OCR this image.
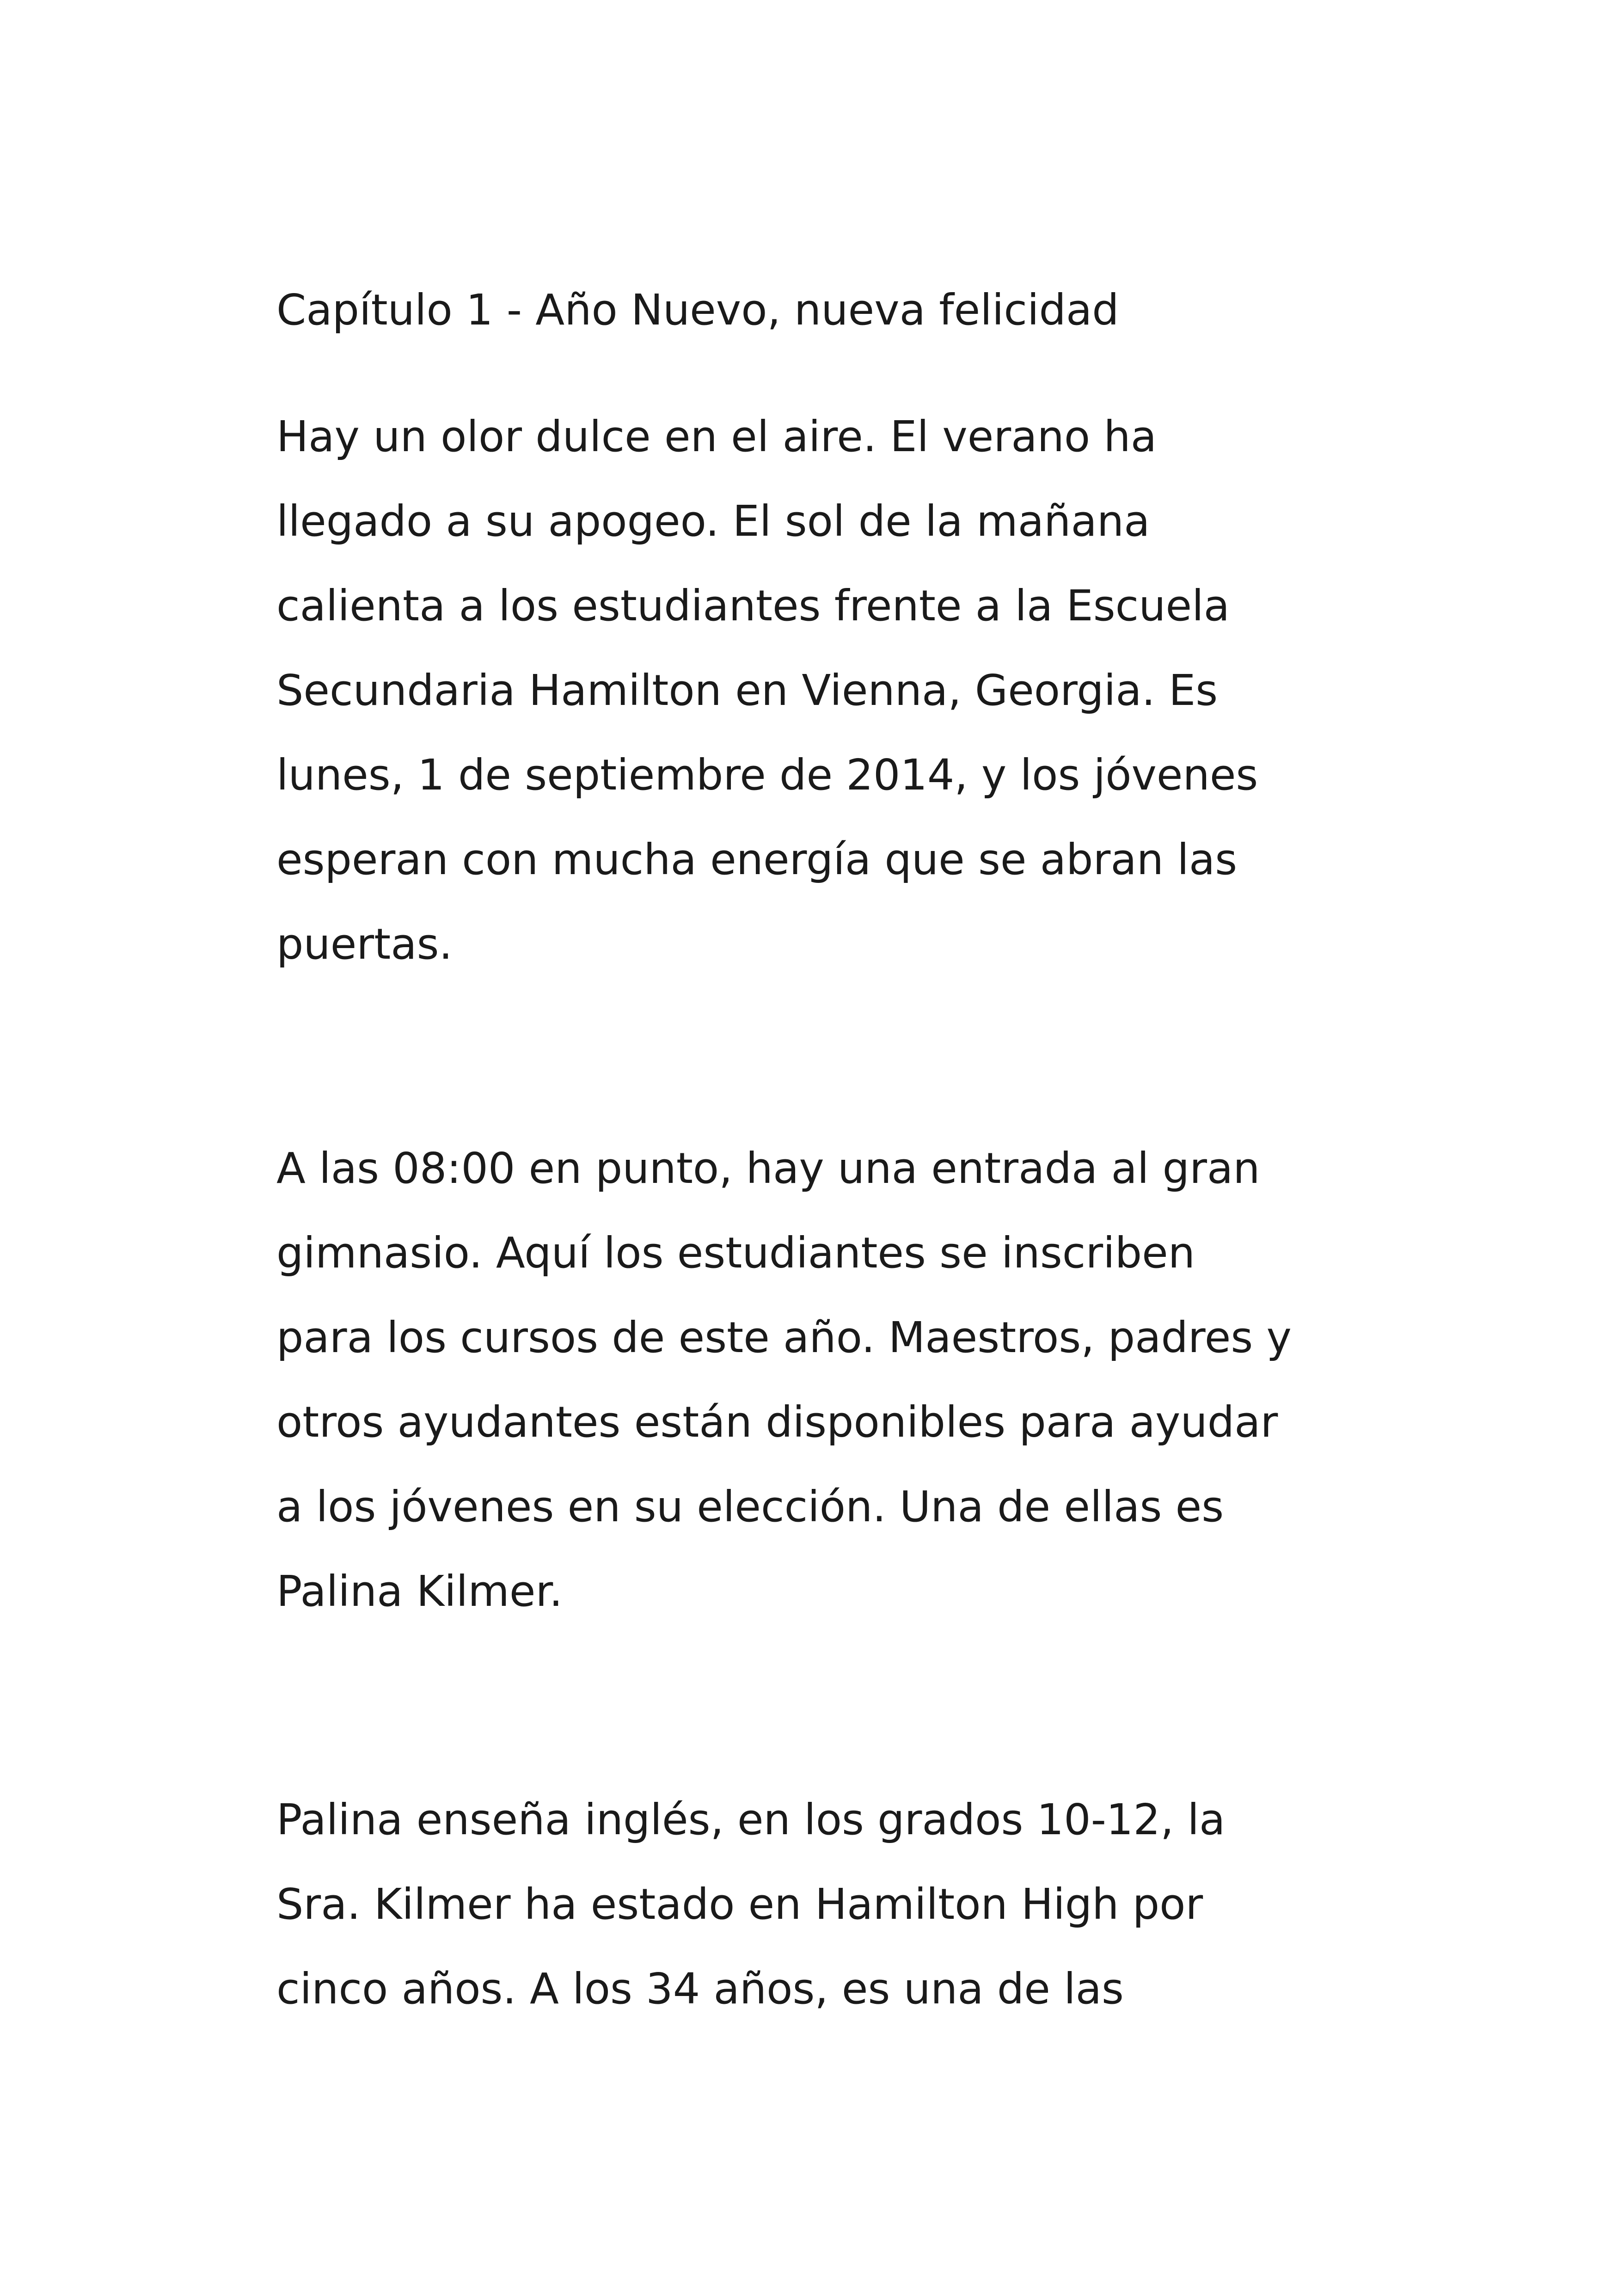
Capítulo 1 - Año Nuevo, nueva felicidad

Hay un olor dulce en el aire. El verano ha
llegado a su apogeo. El sol de la mañana
calienta a los estudiantes frente a la Escuela
Secundaria Hamilton en Vienna, Georgia. Es
lunes, 1 de septiembre de 2014, y los jóvenes
esperan con mucha energía que se abran las
puertas.

A las 08:00 en punto, hay una entrada al gran
gimnasio. Aquí los estudiantes se inscriben
para los cursos de este año. Maestros, padres y
otros ayudantes están disponibles para ayudar
a los jóvenes en su elección. Una de ellas es
Palina Kilmer.

Palina enseña inglés, en los grados 10-12, la
Sra. Kilmer ha estado en Hamilton High por
cinco años. A los 34 años, es una de las
